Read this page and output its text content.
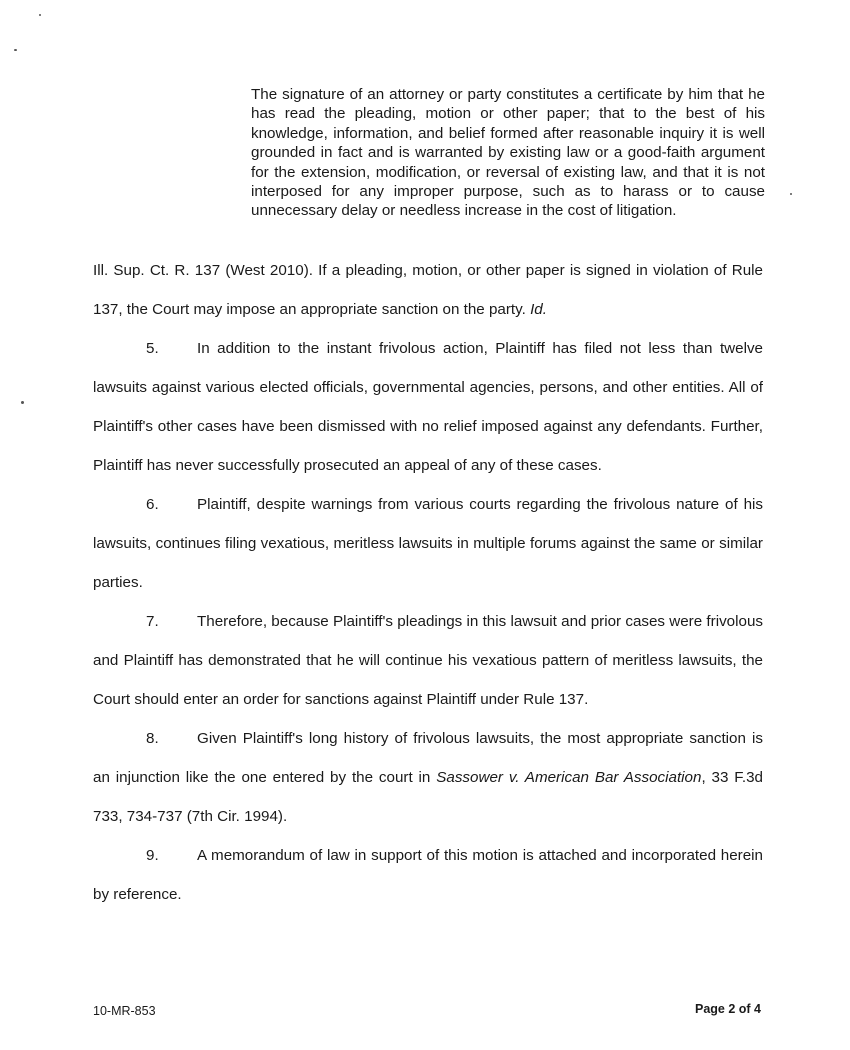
The signature of an attorney or party constitutes a certificate by him that he has read the pleading, motion or other paper; that to the best of his knowledge, information, and belief formed after reasonable inquiry it is well grounded in fact and is warranted by existing law or a good-faith argument for the extension, modification, or reversal of existing law, and that it is not interposed for any improper purpose, such as to harass or to cause unnecessary delay or needless increase in the cost of litigation.

Ill. Sup. Ct. R. 137 (West 2010). If a pleading, motion, or other paper is signed in violation of Rule 137, the Court may impose an appropriate sanction on the party. Id.

5.	In addition to the instant frivolous action, Plaintiff has filed not less than twelve lawsuits against various elected officials, governmental agencies, persons, and other entities. All of Plaintiff's other cases have been dismissed with no relief imposed against any defendants. Further, Plaintiff has never successfully prosecuted an appeal of any of these cases.

6.	Plaintiff, despite warnings from various courts regarding the frivolous nature of his lawsuits, continues filing vexatious, meritless lawsuits in multiple forums against the same or similar parties.

7.	Therefore, because Plaintiff's pleadings in this lawsuit and prior cases were frivolous and Plaintiff has demonstrated that he will continue his vexatious pattern of meritless lawsuits, the Court should enter an order for sanctions against Plaintiff under Rule 137.

8.	Given Plaintiff's long history of frivolous lawsuits, the most appropriate sanction is an injunction like the one entered by the court in Sassower v. American Bar Association, 33 F.3d 733, 734-737 (7th Cir. 1994).

9.	A memorandum of law in support of this motion is attached and incorporated herein by reference.

10-MR-853	Page 2 of 4
